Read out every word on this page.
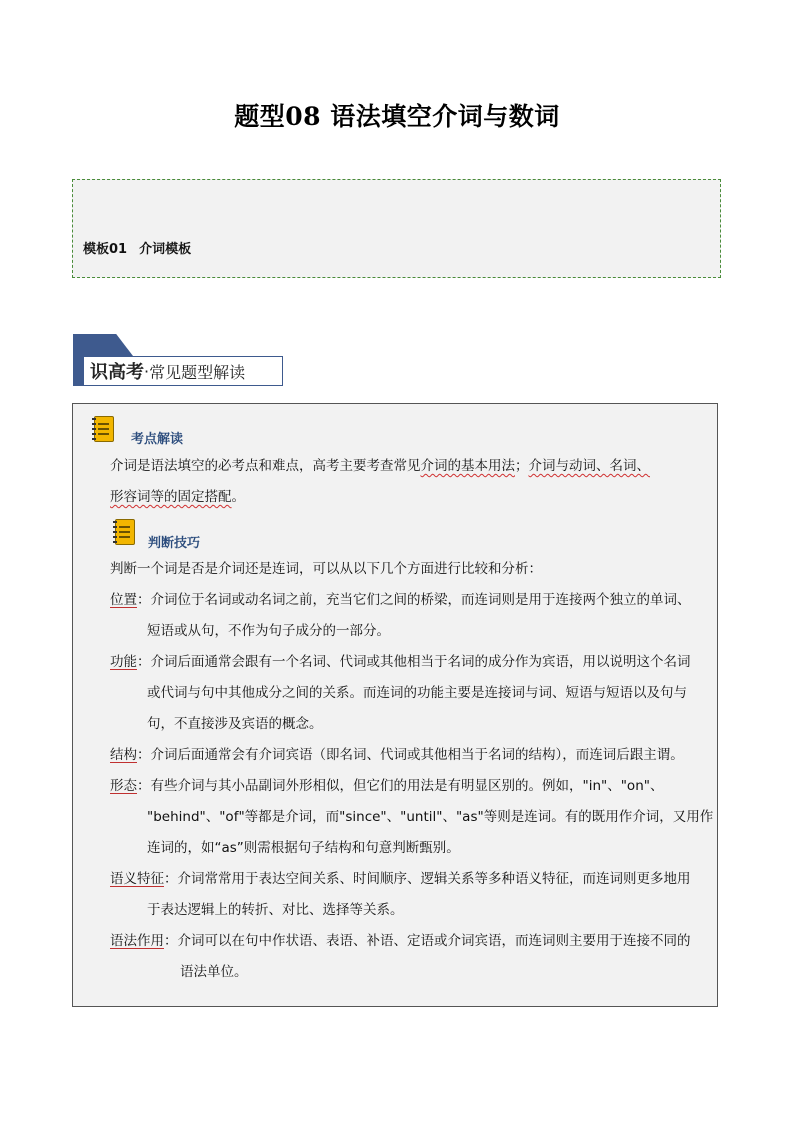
题型08 语法填空介词与数词
模板01 介词模板
01
识高考 · 常见题型解读
考点解读
介词是语法填空的必考点和难点，高考主要考查常见介词的基本用法；介词与动词、名词、
形容词等的固定搭配。
判断技巧
判断一个词是否是介词还是连词，可以从以下几个方面进行比较和分析：
位置：介词位于名词或动名词之前，充当它们之间的桥梁，而连词则是用于连接两个独立的单词、
短语或从句，不作为句子成分的一部分。
功能：介词后面通常会跟有一个名词、代词或其他相当于名词的成分作为宾语，用以说明这个名词
或代词与句中其他成分之间的关系。而连词的功能主要是连接词与词、短语与短语以及句与
句，不直接涉及宾语的概念。
结构：介词后面通常会有介词宾语（即名词、代词或其他相当于名词的结构），而连词后跟主谓。
形态：有些介词与其小品副词外形相似，但它们的用法是有明显区别的。例如，"in"、"on"、
"behind"、"of"等都是介词，而"since"、"until"、"as"等则是连词。有的既用作介词，又用作
连词的，如“as”则需根据句子结构和句意判断甄别。
语义特征：介词常常用于表达空间关系、时间顺序、逻辑关系等多种语义特征，而连词则更多地用
于表达逻辑上的转折、对比、选择等关系。
语法作用：介词可以在句中作状语、表语、补语、定语或介词宾语，而连词则主要用于连接不同的
语法单位。
